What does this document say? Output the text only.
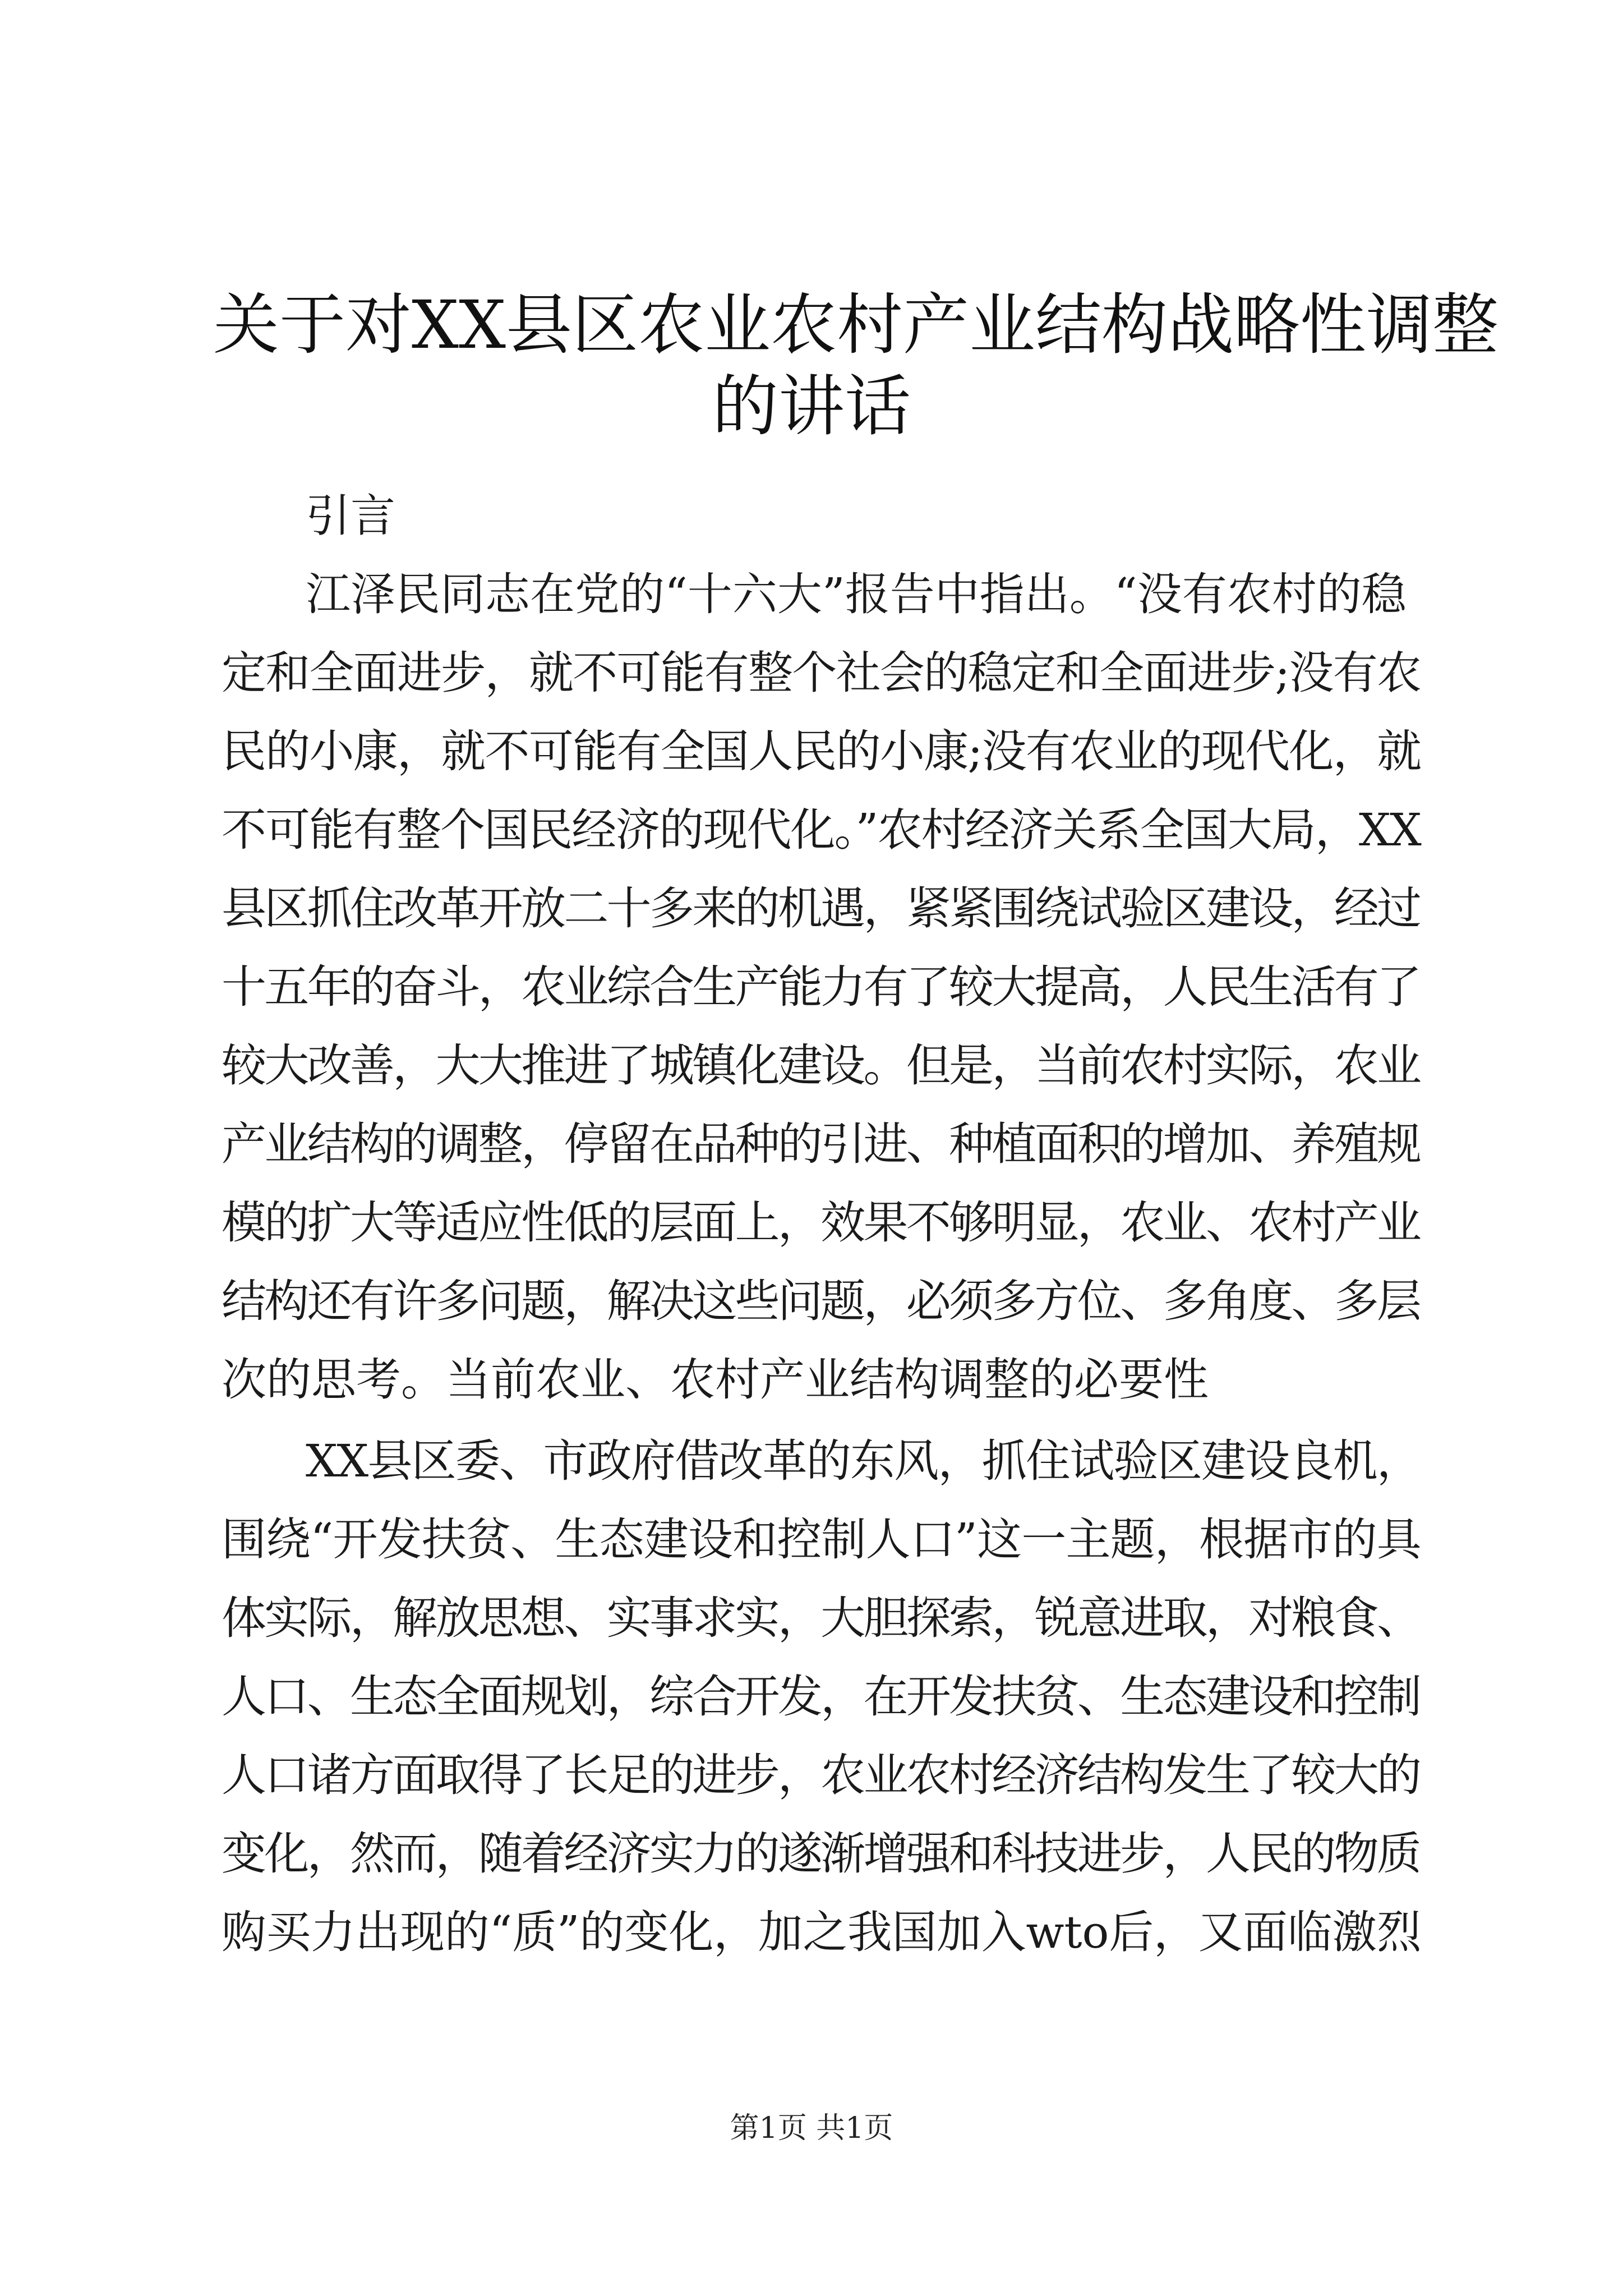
关于对XX县区农业农村产业结构战略性调整
的讲话
引言
江泽民同志在党的“十六大”报告中指出。“没有农村的稳
定和全面进步，就不可能有整个社会的稳定和全面进步;没有农
民的小康，就不可能有全国人民的小康;没有农业的现代化，就
不可能有整个国民经济的现代化。”农村经济关系全国大局，XX
县区抓住改革开放二十多来的机遇，紧紧围绕试验区建设，经过
十五年的奋斗，农业综合生产能力有了较大提高，人民生活有了
较大改善，大大推进了城镇化建设。但是，当前农村实际，农业
产业结构的调整，停留在品种的引进、种植面积的增加、养殖规
模的扩大等适应性低的层面上，效果不够明显，农业、农村产业
结构还有许多问题，解决这些问题，必须多方位、多角度、多层
次的思考。当前农业、农村产业结构调整的必要性
XX县区委、市政府借改革的东风，抓住试验区建设良机，
围绕“开发扶贫、生态建设和控制人口”这一主题，根据市的具
体实际，解放思想、实事求实，大胆探索，锐意进取，对粮食、
人口、生态全面规划，综合开发，在开发扶贫、生态建设和控制
人口诸方面取得了长足的进步，农业农村经济结构发生了较大的
变化，然而，随着经济实力的遂渐增强和科技进步，人民的物质
购买力出现的“质”的变化，加之我国加入wto后，又面临激烈
第1页 共1页
